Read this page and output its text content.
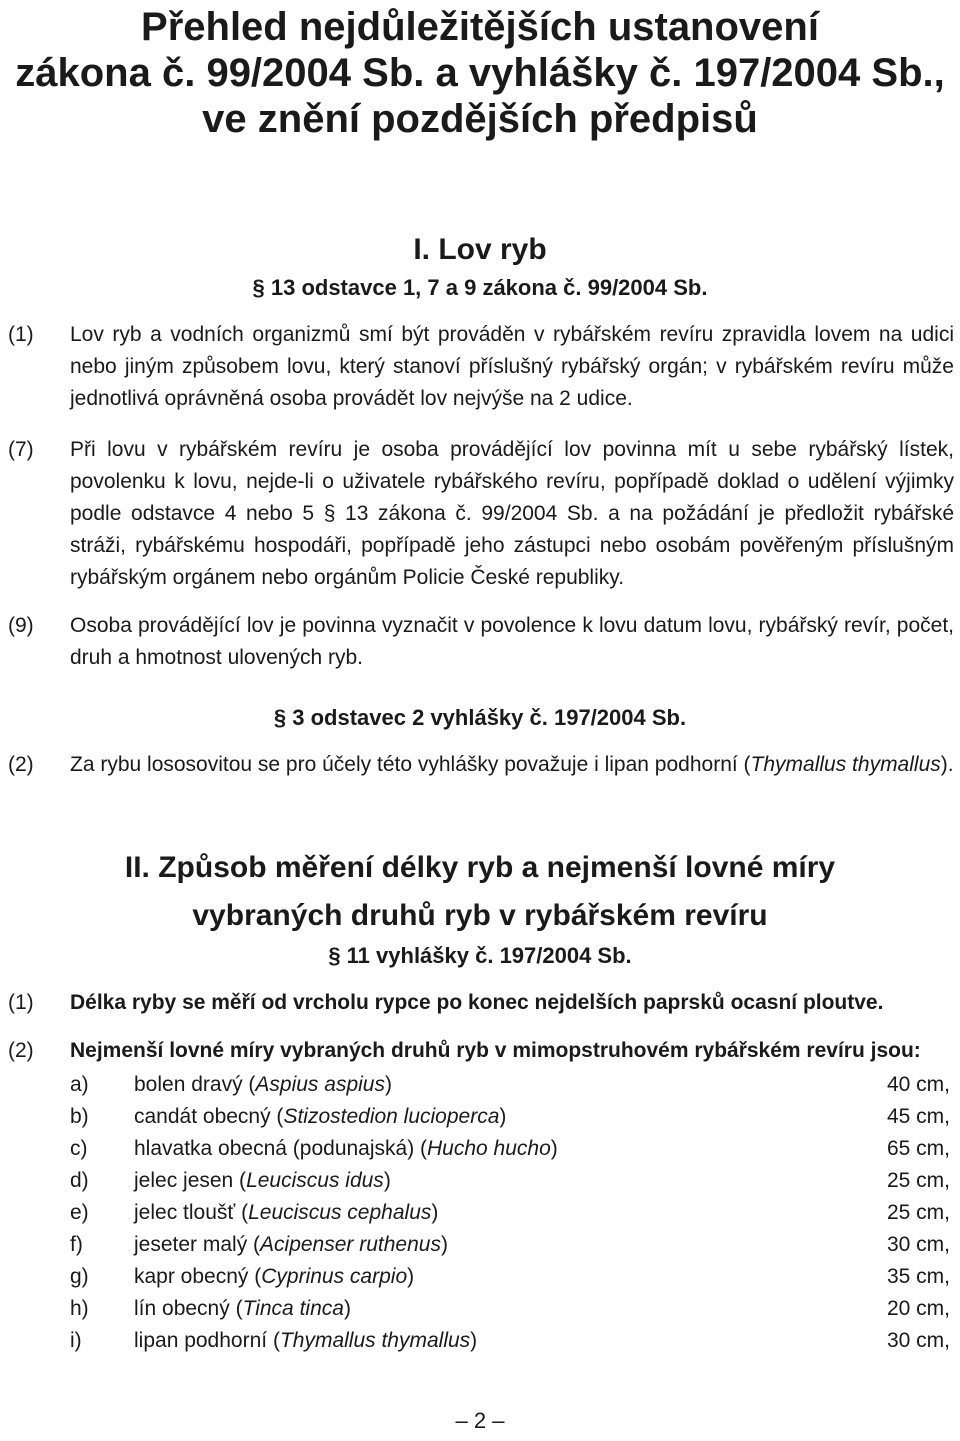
Přehled nejdůležitějších ustanovení
zákona č. 99/2004 Sb. a vyhlášky č. 197/2004 Sb.,
ve znění pozdějších předpisů
I. Lov ryb

§ 13 odstavce 1, 7 a 9 zákona č. 99/2004 Sb.

(1)	Lov ryb a vodních organizmů smí být prováděn v rybářském revíru zpravidla lovem na udici nebo jiným způsobem lovu, který stanoví příslušný rybářský orgán; v rybářském revíru může jednotlivá oprávněná osoba provádět lov nejvýše na 2 udice.
(7)	Při lovu v rybářském revíru je osoba provádějící lov povinna mít u sebe rybářský lístek, povolenku k lovu, nejde-li o uživatele rybářského revíru, popřípadě doklad o udělení výjimky podle odstavce 4 nebo 5 § 13 zákona č. 99/2004 Sb. a na požádání je předložit rybářské stráži, rybářskému hospodáři, popřípadě jeho zástupci nebo osobám pověřeným příslušným rybářským orgánem nebo orgánům Policie České republiky.
(9)	Osoba provádějící lov je povinna vyznačit v povolence k lovu datum lovu, rybářský revír, počet, druh a hmotnost ulovených ryb.

§ 3 odstavec 2 vyhlášky č. 197/2004 Sb.

(2)	Za rybu lososovitou se pro účely této vyhlášky považuje i lipan podhorní (Thymallus thymallus).
II. Způsob měření délky ryb a nejmenší lovné míry
vybraných druhů ryb v rybářském revíru

§ 11 vyhlášky č. 197/2004 Sb.

(1)	Délka ryby se měří od vrcholu rypce po konec nejdelších paprsků ocasní ploutve.
(2)	Nejmenší lovné míry vybraných druhů ryb v mimopstruhovém rybářském revíru jsou:
a)	bolen dravý (Aspius aspius)	40 cm,
b)	candát obecný (Stizostedion lucioperca)	45 cm,
c)	hlavatka obecná (podunajská) (Hucho hucho)	65 cm,
d)	jelec jesen (Leuciscus idus)	25 cm,
e)	jelec tloušť (Leuciscus cephalus)	25 cm,
f)	jeseter malý (Acipenser ruthenus)	30 cm,
g)	kapr obecný (Cyprinus carpio)	35 cm,
h)	lín obecný (Tinca tinca)	20 cm,
i)	lipan podhorní (Thymallus thymallus)	30 cm,
– 2 –
